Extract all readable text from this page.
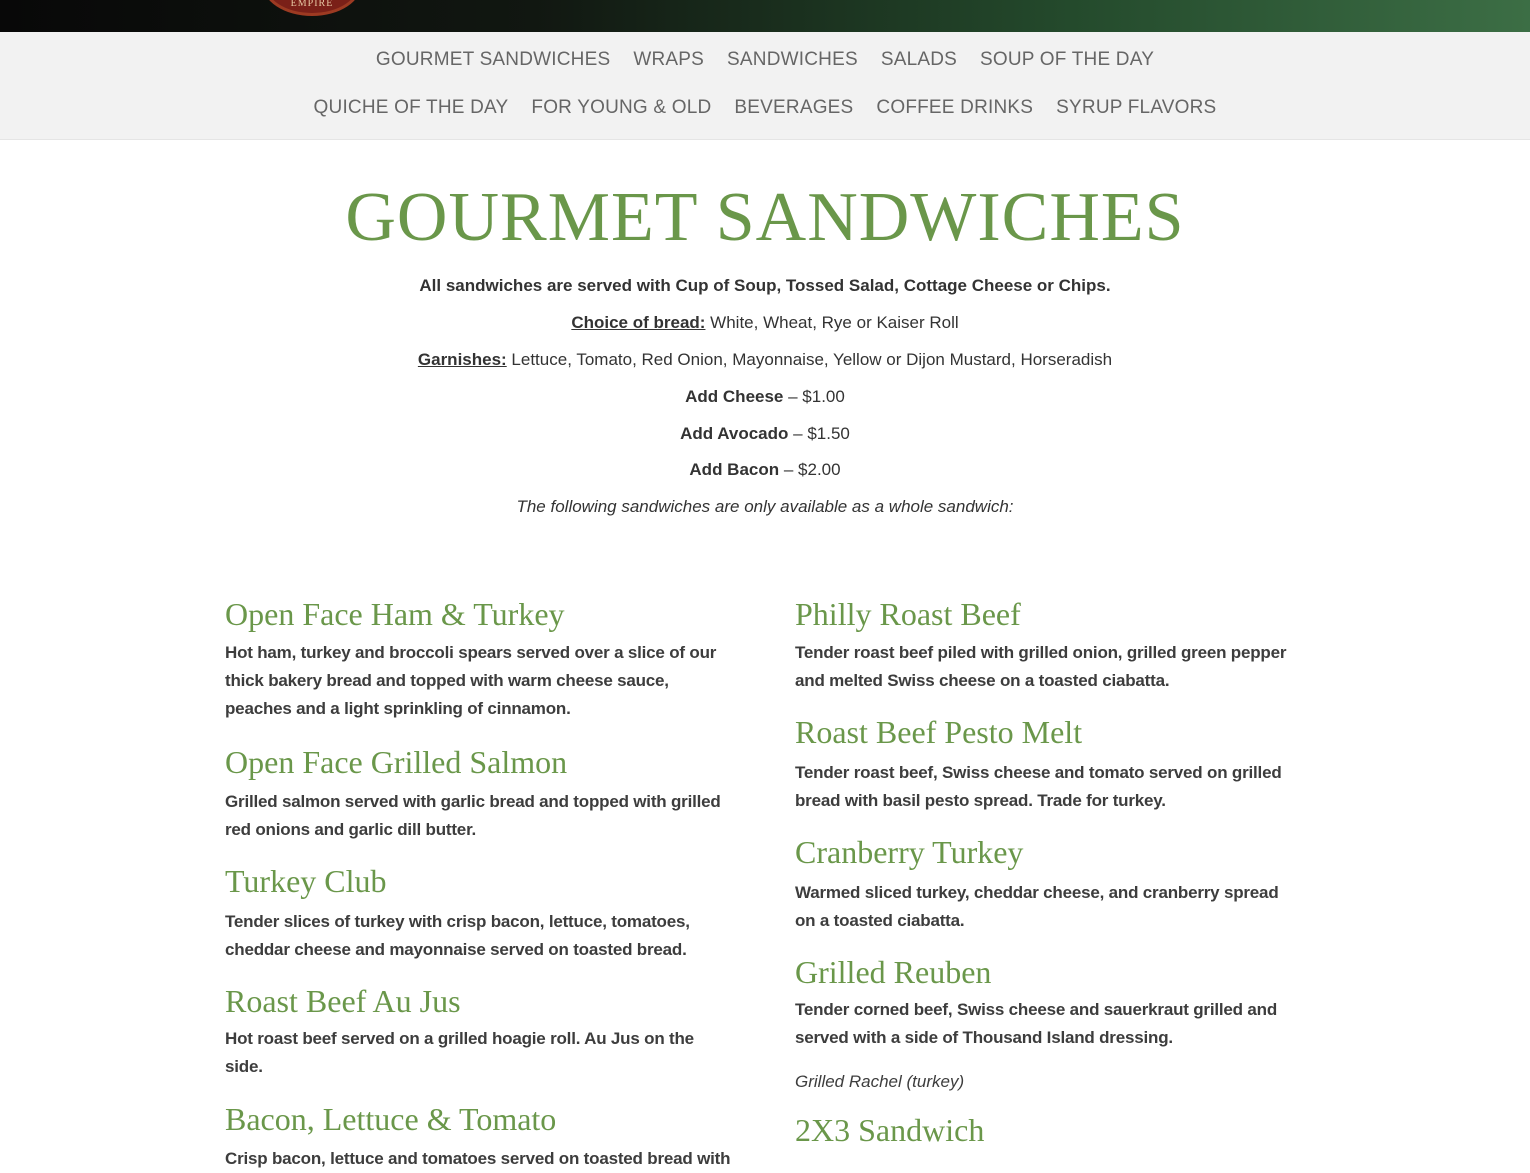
EMPIRE
GOURMET SANDWICHES WRAPS SANDWICHES SALADS SOUP OF THE DAY
QUICHE OF THE DAY FOR YOUNG & OLD BEVERAGES COFFEE DRINKS SYRUP FLAVORS
GOURMET SANDWICHES

All sandwiches are served with Cup of Soup, Tossed Salad, Cottage Cheese or Chips.

Choice of bread: White, Wheat, Rye or Kaiser Roll

Garnishes: Lettuce, Tomato, Red Onion, Mayonnaise, Yellow or Dijon Mustard, Horseradish

Add Cheese – $1.00

Add Avocado – $1.50

Add Bacon – $2.00

The following sandwiches are only available as a whole sandwich:

Open Face Ham & Turkey

Hot ham, turkey and broccoli spears served over a slice of our thick bakery bread and topped with warm cheese sauce, peaches and a light sprinkling of cinnamon.

Open Face Grilled Salmon

Grilled salmon served with garlic bread and topped with grilled red onions and garlic dill butter.

Turkey Club

Tender slices of turkey with crisp bacon, lettuce, tomatoes, cheddar cheese and mayonnaise served on toasted bread.

Roast Beef Au Jus

Hot roast beef served on a grilled hoagie roll. Au Jus on the side.

Bacon, Lettuce & Tomato

Crisp bacon, lettuce and tomatoes served on toasted bread with

Philly Roast Beef

Tender roast beef piled with grilled onion, grilled green pepper and melted Swiss cheese on a toasted ciabatta.

Roast Beef Pesto Melt

Tender roast beef, Swiss cheese and tomato served on grilled bread with basil pesto spread. Trade for turkey.

Cranberry Turkey

Warmed sliced turkey, cheddar cheese, and cranberry spread on a toasted ciabatta.

Grilled Reuben

Tender corned beef, Swiss cheese and sauerkraut grilled and served with a side of Thousand Island dressing.

Grilled Rachel (turkey)

2X3 Sandwich
